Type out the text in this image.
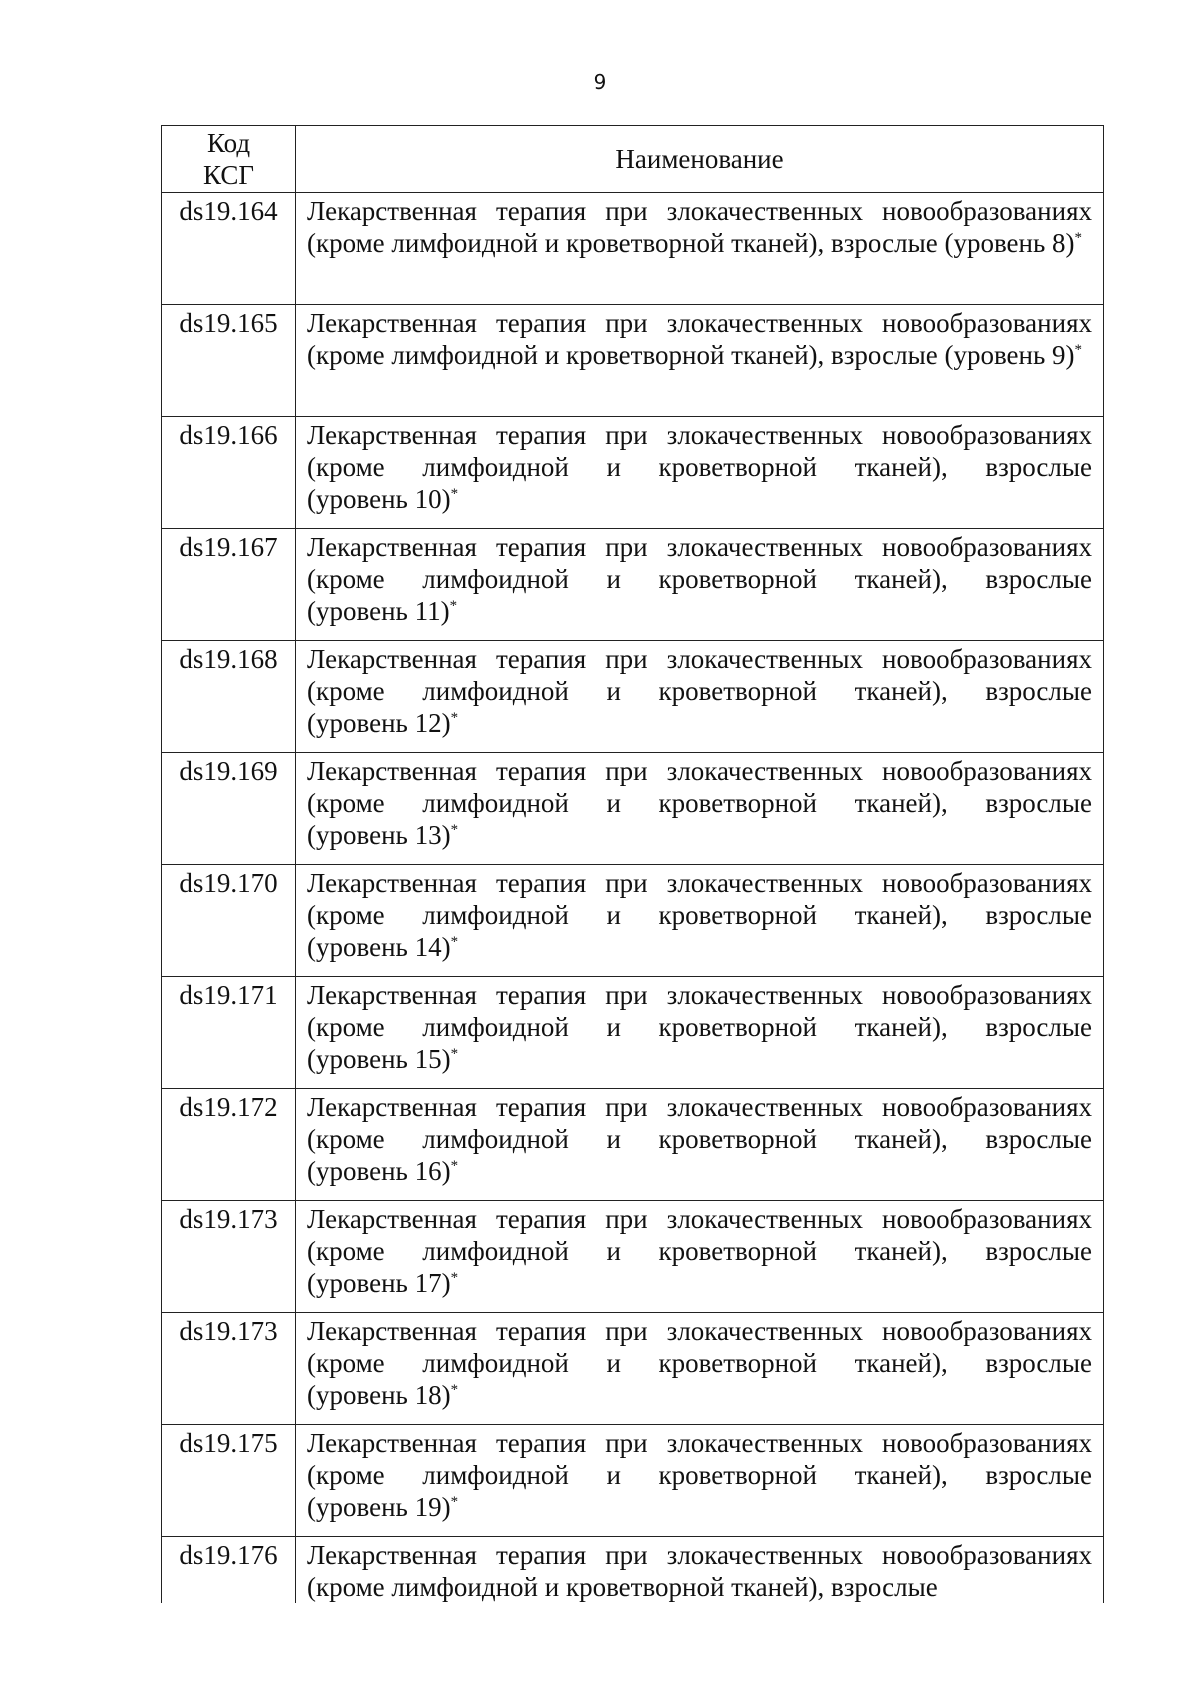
9
Код
КСГ	Наименование
ds19.164	Лекарственная терапия при злокачественных новообразованиях (кроме лимфоидной и кроветворной тканей), взрослые (уровень 8)*
ds19.165	Лекарственная терапия при злокачественных новообразованиях (кроме лимфоидной и кроветворной тканей), взрослые (уровень 9)*
ds19.166	Лекарственная терапия при злокачественных новообразованиях (кроме лимфоидной и кроветворной тканей), взрослые (уровень 10)*
ds19.167	Лекарственная терапия при злокачественных новообразованиях (кроме лимфоидной и кроветворной тканей), взрослые (уровень 11)*
ds19.168	Лекарственная терапия при злокачественных новообразованиях (кроме лимфоидной и кроветворной тканей), взрослые (уровень 12)*
ds19.169	Лекарственная терапия при злокачественных новообразованиях (кроме лимфоидной и кроветворной тканей), взрослые (уровень 13)*
ds19.170	Лекарственная терапия при злокачественных новообразованиях (кроме лимфоидной и кроветворной тканей), взрослые (уровень 14)*
ds19.171	Лекарственная терапия при злокачественных новообразованиях (кроме лимфоидной и кроветворной тканей), взрослые (уровень 15)*
ds19.172	Лекарственная терапия при злокачественных новообразованиях (кроме лимфоидной и кроветворной тканей), взрослые (уровень 16)*
ds19.173	Лекарственная терапия при злокачественных новообразованиях (кроме лимфоидной и кроветворной тканей), взрослые (уровень 17)*
ds19.173	Лекарственная терапия при злокачественных новообразованиях (кроме лимфоидной и кроветворной тканей), взрослые (уровень 18)*
ds19.175	Лекарственная терапия при злокачественных новообразованиях (кроме лимфоидной и кроветворной тканей), взрослые (уровень 19)*
ds19.176	Лекарственная терапия при злокачественных новообразованиях (кроме лимфоидной и кроветворной тканей), взрослые
